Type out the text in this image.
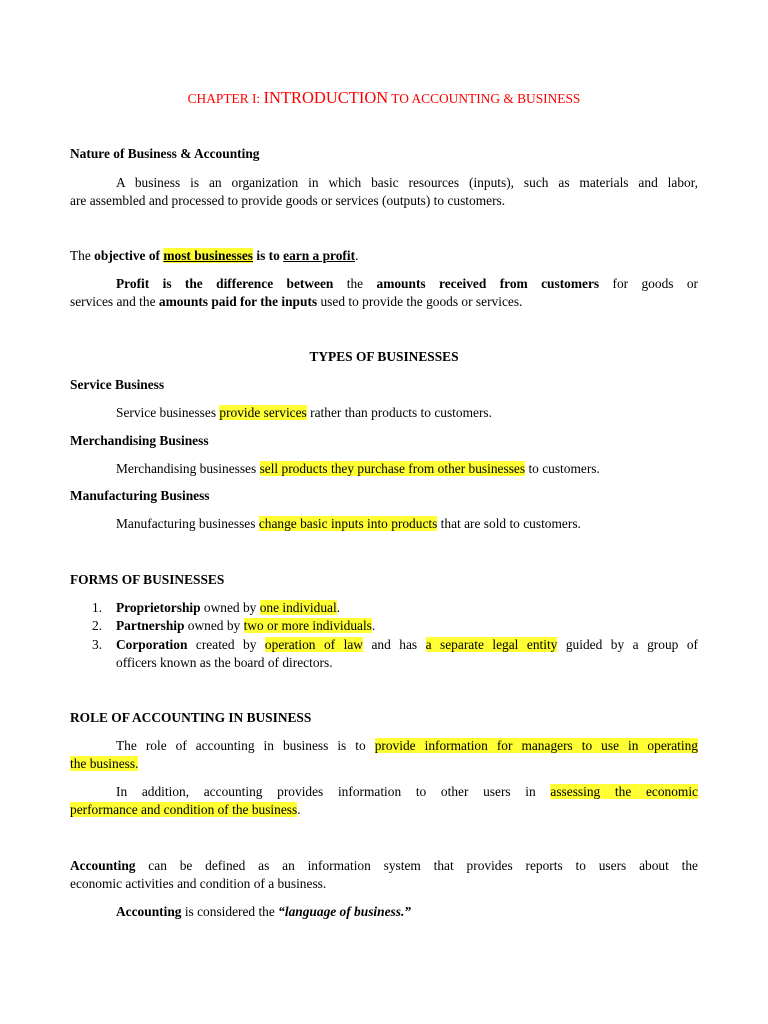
CHAPTER I: INTRODUCTION TO ACCOUNTING & BUSINESS

Nature of Business & Accounting

A business is an organization in which basic resources (inputs), such as materials and labor,

are assembled and processed to provide goods or services (outputs) to customers.

The objective of most businesses is to earn a profit.

Profit is the difference between the amounts received from customers for goods or

services and the amounts paid for the inputs used to provide the goods or services.

TYPES OF BUSINESSES

Service Business

Service businesses provide services rather than products to customers.

Merchandising Business

Merchandising businesses sell products they purchase from other businesses to customers.

Manufacturing Business

Manufacturing businesses change basic inputs into products that are sold to customers.

FORMS OF BUSINESSES

1. Proprietorship owned by one individual.
2. Partnership owned by two or more individuals.
3. Corporation created by operation of law and has a separate legal entity guided by a group of
officers known as the board of directors.

ROLE OF ACCOUNTING IN BUSINESS

The role of accounting in business is to provide information for managers to use in operating

the business.

In addition, accounting provides information to other users in assessing the economic

performance and condition of the business.

Accounting can be defined as an information system that provides reports to users about the

economic activities and condition of a business.

Accounting is considered the “language of business.”
